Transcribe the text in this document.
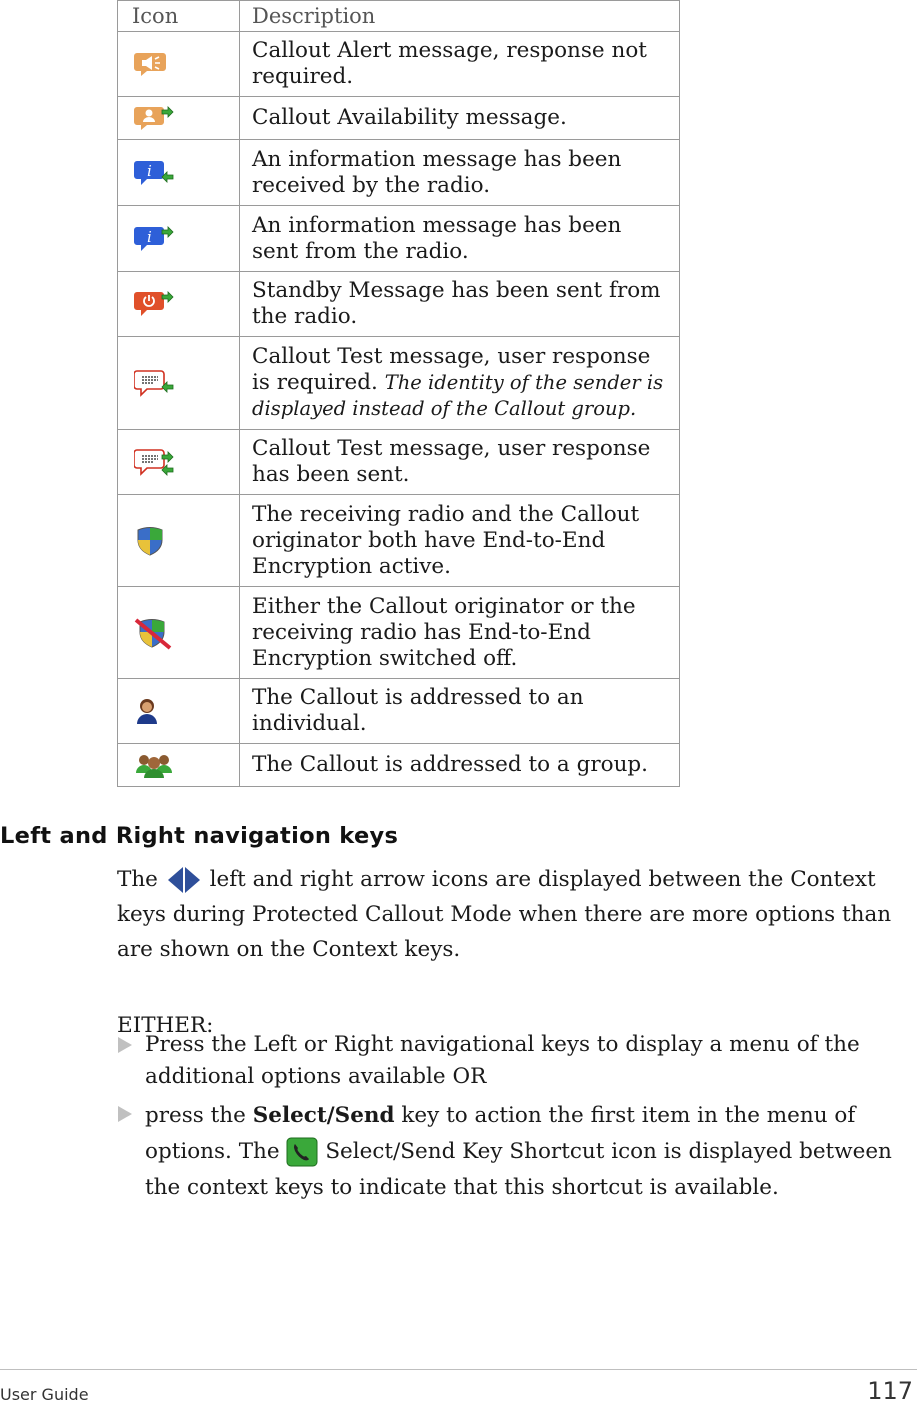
Icon	Description

	Callout Alert message, response not required.

	Callout Availability message.

i	An information message has been received by the radio.

i	An information message has been sent from the radio.

	Standby Message has been sent from the radio.

	Callout Test message, user response is required. The identity of the sender is displayed instead of the Callout group.

	Callout Test message, user response has been sent.

	The receiving radio and the Callout originator both have End-to-End Encryption active.

	Either the Callout originator or the receiving radio has End-to-End Encryption switched off.

	The Callout is addressed to an individual.

	The Callout is addressed to a group.
Left and Right navigation keys
The left and right arrow icons are displayed between the Context keys during Protected Callout Mode when there are more options than are shown on the Context keys.
EITHER:
Press the Left or Right navigational keys to display a menu of the additional options available OR
press the Select/Send key to action the first item in the menu of options. The Select/Send Key Shortcut icon is displayed between the context keys to indicate that this shortcut is available.
User Guide	117
